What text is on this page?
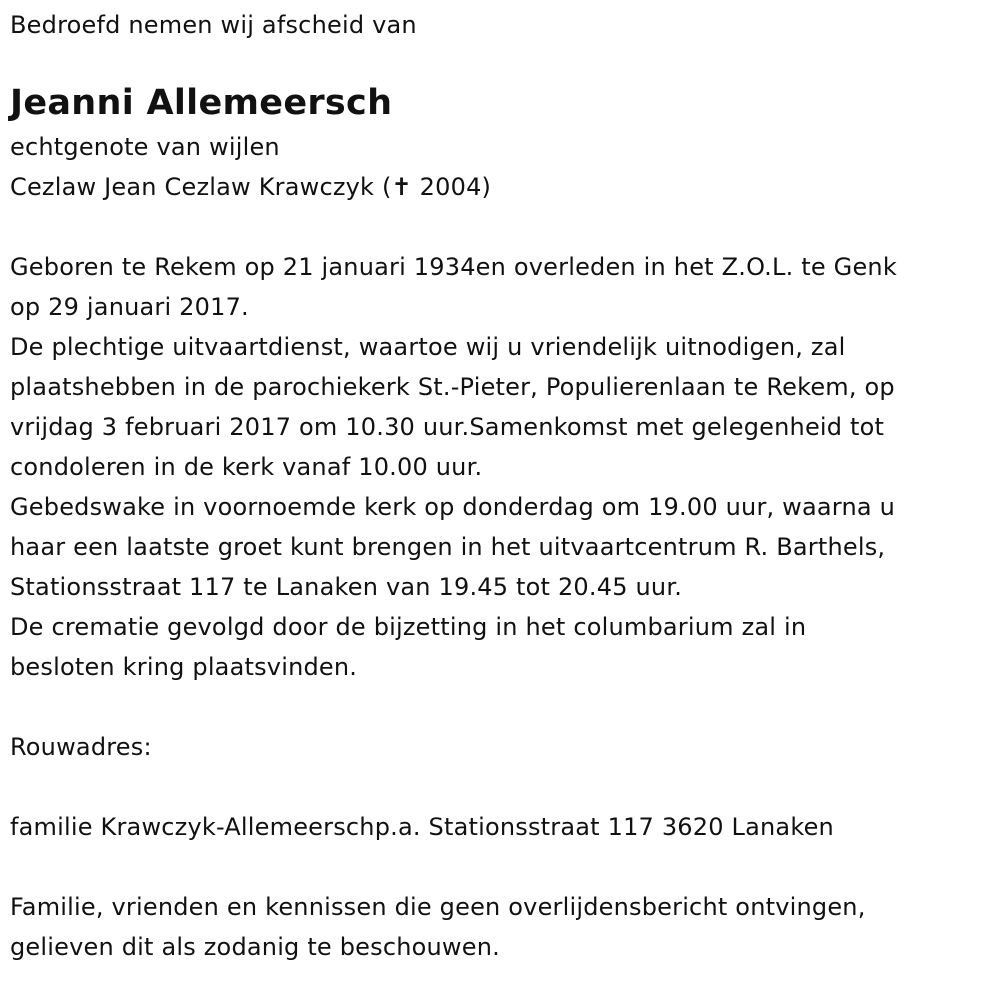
Bedroefd nemen wij afscheid van
Jeanni Allemeersch
echtgenote van wijlen
Cezlaw Jean Cezlaw Krawczyk (✝ 2004)
Geboren te Rekem op 21 januari 1934en overleden in het Z.O.L. te Genk
op 29 januari 2017.
De plechtige uitvaartdienst, waartoe wij u vriendelijk uitnodigen, zal
plaatshebben in de parochiekerk St.-Pieter, Populierenlaan te Rekem, op
vrijdag 3 februari 2017 om 10.30 uur.Samenkomst met gelegenheid tot
condoleren in de kerk vanaf 10.00 uur.
Gebedswake in voornoemde kerk op donderdag om 19.00 uur, waarna u
haar een laatste groet kunt brengen in het uitvaartcentrum R. Barthels,
Stationsstraat 117 te Lanaken van 19.45 tot 20.45 uur.
De crematie gevolgd door de bijzetting in het columbarium zal in
besloten kring plaatsvinden.
Rouwadres:
familie Krawczyk-Allemeerschp.a. Stationsstraat 117 3620 Lanaken
Familie, vrienden en kennissen die geen overlijdensbericht ontvingen,
gelieven dit als zodanig te beschouwen.
